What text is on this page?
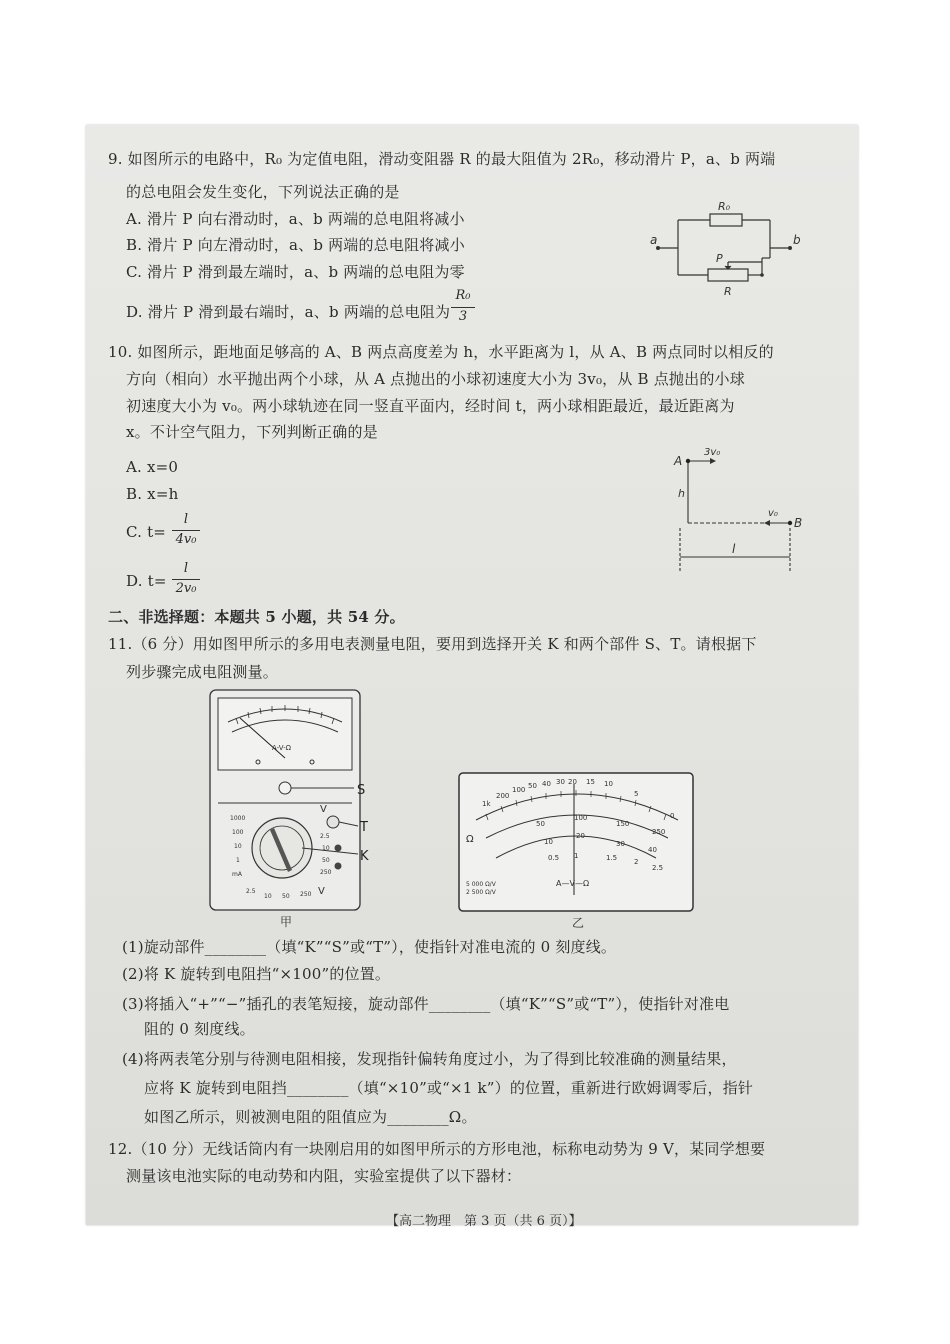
9. 如图所示的电路中，R₀ 为定值电阻，滑动变阻器 R 的最大阻值为 2R₀，移动滑片 P，a、b 两端
的总电阻会发生变化，下列说法正确的是
A. 滑片 P 向右滑动时，a、b 两端的总电阻将减小
B. 滑片 P 向左滑动时，a、b 两端的总电阻将减小
C. 滑片 P 滑到最左端时，a、b 两端的总电阻为零
D. 滑片 P 滑到最右端时，a、b 两端的总电阻为
R₀
3
R₀
a	b
P
R
10. 如图所示，距地面足够高的 A、B 两点高度差为 h，水平距离为 l，从 A、B 两点同时以相反的
方向（相向）水平抛出两个小球，从 A 点抛出的小球初速度大小为 3v₀，从 B 点抛出的小球
初速度大小为 v₀。两小球轨迹在同一竖直平面内，经时间 t，两小球相距最近，最近距离为
x。不计空气阻力，下列判断正确的是
A. x=0
B. x=h
C. t=
l
4v₀
D. t=
l
2v₀
A
3v₀
h
v₀
B
l
二、非选择题：本题共 5 小题，共 54 分。
11.（6 分）用如图甲所示的多用电表测量电阻，要用到选择开关 K 和两个部件 S、T。请根据下
列步骤完成电阻测量。
A-V-Ω
1000
100
10
1
mA
2.5
10
50
250
2.5
10 50 250
V
V
S
T
K
甲
1k
200
100 50 40 30 20 15 10
5
0
50
100
150
250
10
20
30
40
0.5 1	1.5 2
2.5
Ω
5 000 Ω/V
2 500 Ω/V
A—V—Ω
乙
(1)旋动部件________（填“K”“S”或“T”），使指针对准电流的 0 刻度线。
(2)将 K 旋转到电阻挡“×100”的位置。
(3)将插入“+”“−”插孔的表笔短接，旋动部件________（填“K”“S”或“T”），使指针对准电
阻的 0 刻度线。
(4)将两表笔分别与待测电阻相接，发现指针偏转角度过小，为了得到比较准确的测量结果，
应将 K 旋转到电阻挡________（填“×10”或“×1 k”）的位置，重新进行欧姆调零后，指针
如图乙所示，则被测电阻的阻值应为________Ω。
12.（10 分）无线话筒内有一块刚启用的如图甲所示的方形电池，标称电动势为 9 V，某同学想要
测量该电池实际的电动势和内阻，实验室提供了以下器材：
【高二物理　第 3 页（共 6 页）】
